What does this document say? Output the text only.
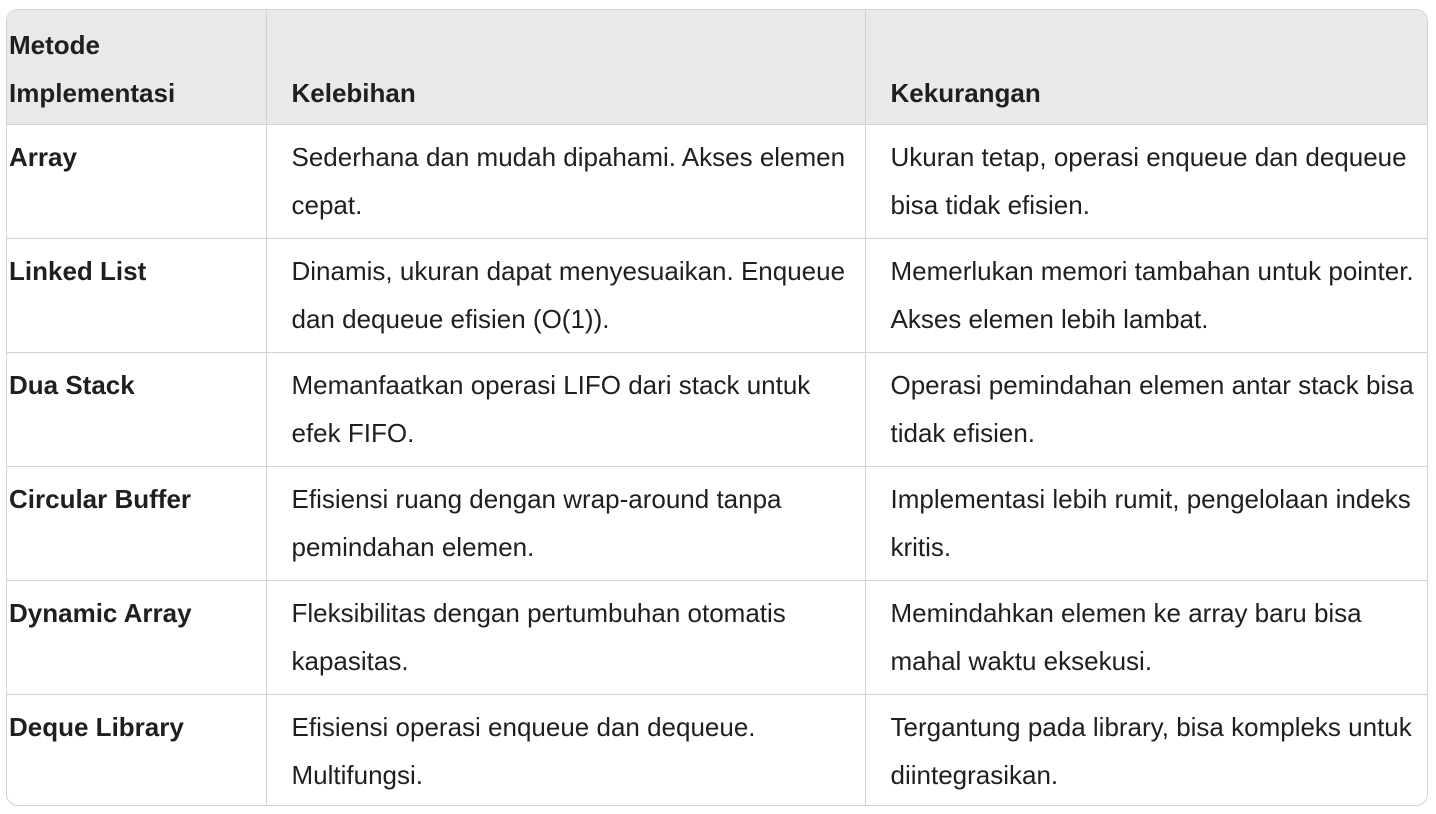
Metode Implementasi	Kelebihan	Kekurangan

Array	Sederhana dan mudah dipahami. Akses elemen cepat.	Ukuran tetap, operasi enqueue dan dequeue bisa tidak efisien.

Linked List	Dinamis, ukuran dapat menyesuaikan. Enqueue dan dequeue efisien (O(1)).	Memerlukan memori tambahan untuk pointer. Akses elemen lebih lambat.

Dua Stack	Memanfaatkan operasi LIFO dari stack untuk efek FIFO.	Operasi pemindahan elemen antar stack bisa tidak efisien.

Circular Buffer	Efisiensi ruang dengan wrap-around tanpa pemindahan elemen.	Implementasi lebih rumit, pengelolaan indeks kritis.

Dynamic Array	Fleksibilitas dengan pertumbuhan otomatis kapasitas.	Memindahkan elemen ke array baru bisa mahal waktu eksekusi.

Deque Library	Efisiensi operasi enqueue dan dequeue. Multifungsi.	Tergantung pada library, bisa kompleks untuk diintegrasikan.
